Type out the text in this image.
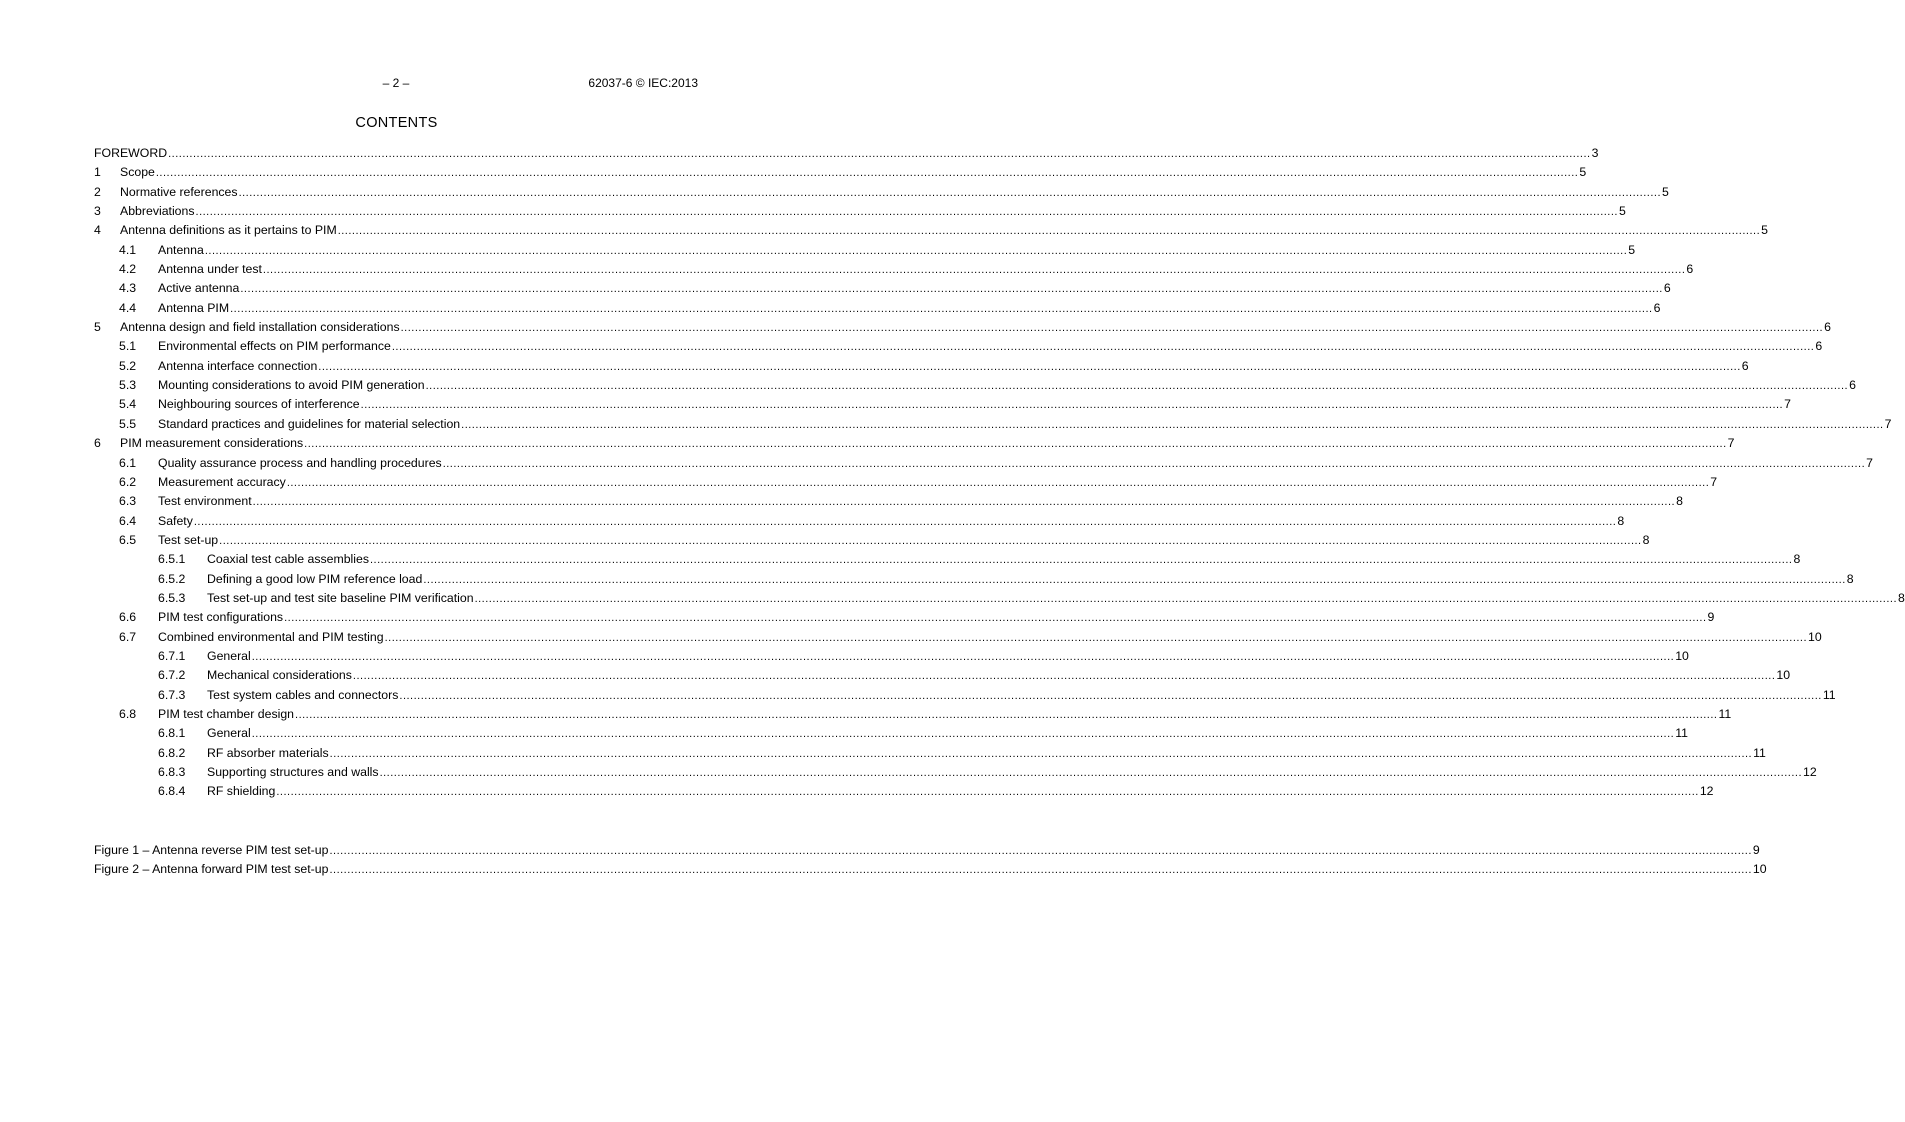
– 2 –	62037-6 © IEC:2013
CONTENTS
FOREWORD ................................................................................................................................................................................................................................................................................................................................................................................................................ 3
1 Scope ................................................................................................................................................................................................................................................................................................................................................................................................................ 5
2 Normative references ................................................................................................................................................................................................................................................................................................................................................................................................................ 5
3 Abbreviations ................................................................................................................................................................................................................................................................................................................................................................................................................ 5
4 Antenna definitions as it pertains to PIM ................................................................................................................................................................................................................................................................................................................................................................................................................ 5
4.1 Antenna ................................................................................................................................................................................................................................................................................................................................................................................................................ 5
4.2 Antenna under test ................................................................................................................................................................................................................................................................................................................................................................................................................ 6
4.3 Active antenna ................................................................................................................................................................................................................................................................................................................................................................................................................ 6
4.4 Antenna PIM ................................................................................................................................................................................................................................................................................................................................................................................................................ 6
5 Antenna design and field installation considerations ................................................................................................................................................................................................................................................................................................................................................................................................................ 6
5.1 Environmental effects on PIM performance ................................................................................................................................................................................................................................................................................................................................................................................................................ 6
5.2 Antenna interface connection ................................................................................................................................................................................................................................................................................................................................................................................................................ 6
5.3 Mounting considerations to avoid PIM generation ................................................................................................................................................................................................................................................................................................................................................................................................................ 6
5.4 Neighbouring sources of interference ................................................................................................................................................................................................................................................................................................................................................................................................................ 7
5.5 Standard practices and guidelines for material selection ................................................................................................................................................................................................................................................................................................................................................................................................................ 7
6 PIM measurement considerations ................................................................................................................................................................................................................................................................................................................................................................................................................ 7
6.1 Quality assurance process and handling procedures ................................................................................................................................................................................................................................................................................................................................................................................................................ 7
6.2 Measurement accuracy ................................................................................................................................................................................................................................................................................................................................................................................................................ 7
6.3 Test environment ................................................................................................................................................................................................................................................................................................................................................................................................................ 8
6.4 Safety ................................................................................................................................................................................................................................................................................................................................................................................................................ 8
6.5 Test set-up ................................................................................................................................................................................................................................................................................................................................................................................................................ 8
6.5.1 Coaxial test cable assemblies ................................................................................................................................................................................................................................................................................................................................................................................................................ 8
6.5.2 Defining a good low PIM reference load ................................................................................................................................................................................................................................................................................................................................................................................................................ 8
6.5.3 Test set-up and test site baseline PIM verification ................................................................................................................................................................................................................................................................................................................................................................................................................ 8
6.6 PIM test configurations ................................................................................................................................................................................................................................................................................................................................................................................................................ 9
6.7 Combined environmental and PIM testing ................................................................................................................................................................................................................................................................................................................................................................................................................ 10
6.7.1 General ................................................................................................................................................................................................................................................................................................................................................................................................................ 10
6.7.2 Mechanical considerations ................................................................................................................................................................................................................................................................................................................................................................................................................ 10
6.7.3 Test system cables and connectors ................................................................................................................................................................................................................................................................................................................................................................................................................ 11
6.8 PIM test chamber design ................................................................................................................................................................................................................................................................................................................................................................................................................ 11
6.8.1 General ................................................................................................................................................................................................................................................................................................................................................................................................................ 11
6.8.2 RF absorber materials ................................................................................................................................................................................................................................................................................................................................................................................................................ 11
6.8.3 Supporting structures and walls ................................................................................................................................................................................................................................................................................................................................................................................................................ 12
6.8.4 RF shielding ................................................................................................................................................................................................................................................................................................................................................................................................................ 12
Figure 1 – Antenna reverse PIM test set-up ................................................................................................................................................................................................................................................................................................................................................................................................................ 9
Figure 2 – Antenna forward PIM test set-up ................................................................................................................................................................................................................................................................................................................................................................................................................ 10
